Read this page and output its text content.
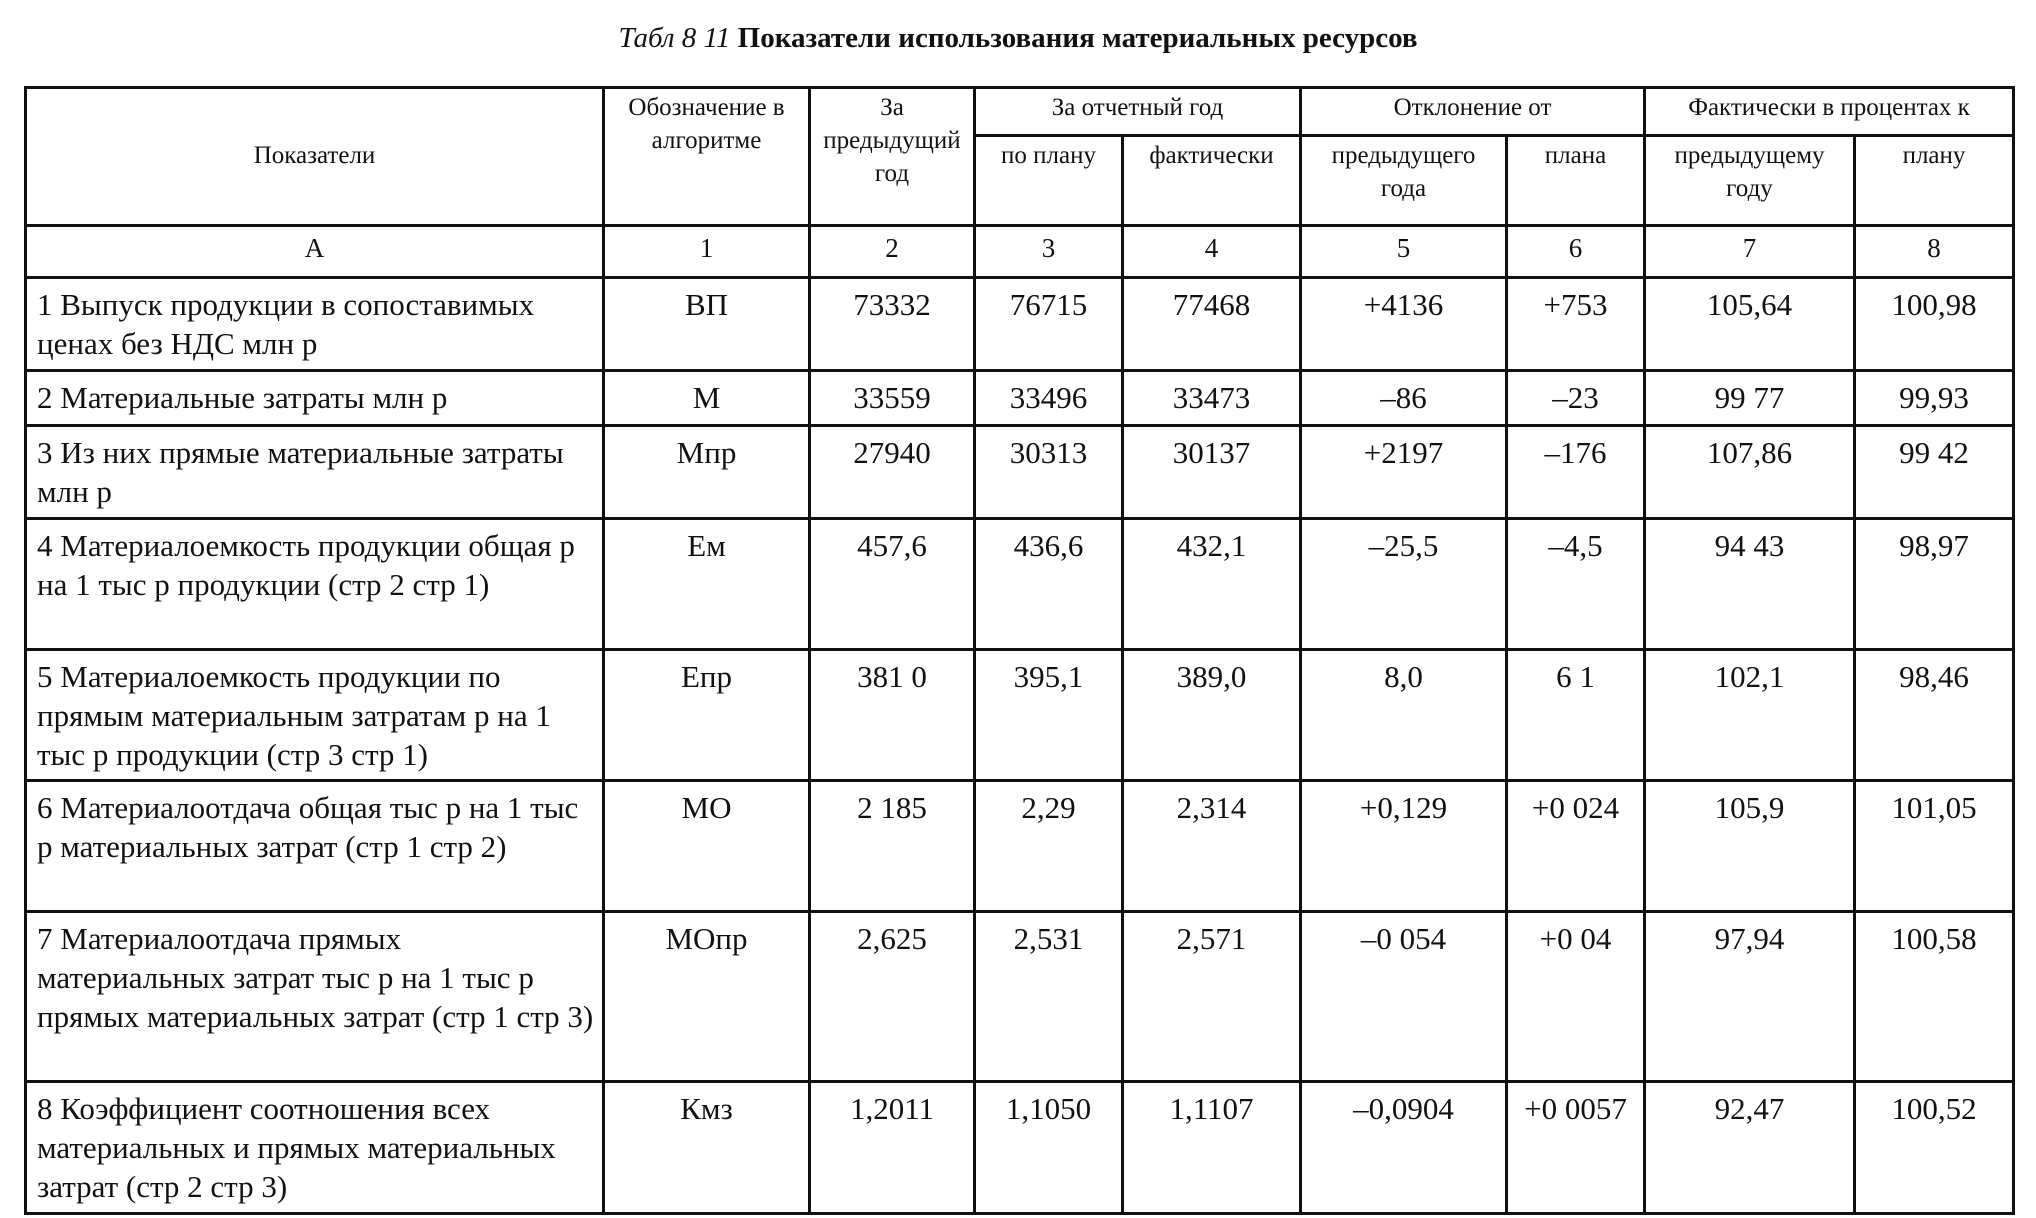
Табл 8 11 Показатели использования материальных ресурсов
Показатели	Обозначение в алгоритме	За предыдущий год	За отчетный год		Отклонение от		Фактически в процентах к	
			по плану	фактически	предыдущего года	плана	предыдущему году	плану
А	1	2	3	4	5	6	7	8
1 Выпуск продукции в сопоставимых ценах без НДС млн р	ВП	73332	76715	77468	+4136	+753	105,64	100,98
2 Материальные затраты млн р	М	33559	33496	33473	–86	–23	99 77	99,93
3 Из них прямые материальные затраты млн р	Мпр	27940	30313	30137	+2197	–176	107,86	99 42
4 Материалоемкость продукции общая р на 1 тыс р продукции (стр 2 стр 1)	Ем	457,6	436,6	432,1	–25,5	–4,5	94 43	98,97
5 Материалоемкость продукции по прямым материальным затратам р на 1 тыс р продукции (стр 3 стр 1)	Епр	381 0	395,1	389,0	8,0	6 1	102,1	98,46
6 Материалоотдача общая тыс р на 1 тыс р материальных затрат (стр 1 стр 2)	МО	2 185	2,29	2,314	+0,129	+0 024	105,9	101,05
7 Материалоотдача прямых материальных затрат тыс р на 1 тыс р прямых материальных затрат (стр 1 стр 3)	МОпр	2,625	2,531	2,571	–0 054	+0 04	97,94	100,58
8 Коэффициент соотношения всех материальных и прямых материальных затрат (стр 2 стр 3)	Кмз	1,2011	1,1050	1,1107	–0,0904	+0 0057	92,47	100,52
